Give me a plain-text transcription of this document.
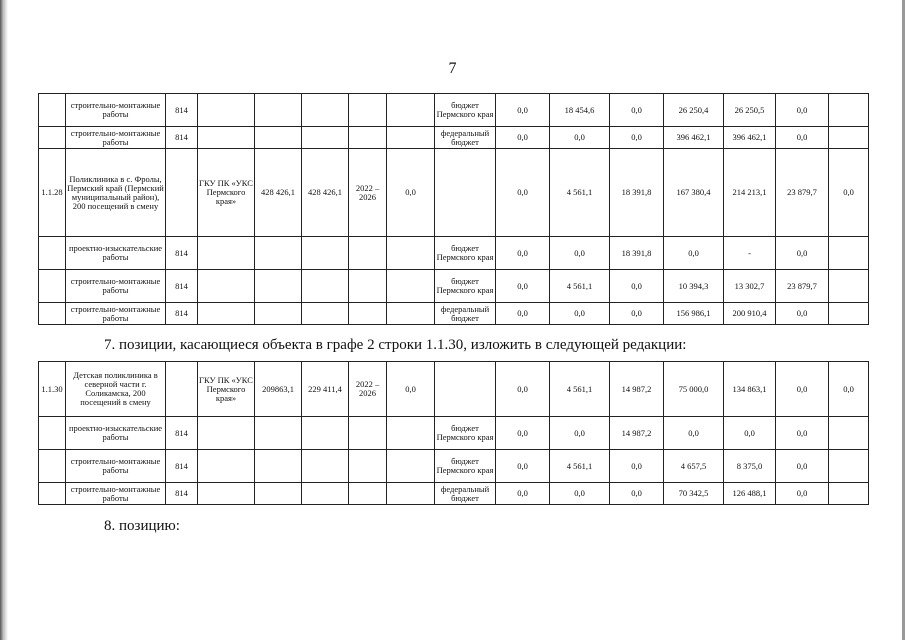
7
	строительно-монтажные работы	814						бюджет Пермского края	0,0	18 454,6	0,0	26 250,4	26 250,5	0,0	
	строительно-монтажные работы	814						федеральный бюджет	0,0	0,0	0,0	396 462,1	396 462,1	0,0	
1.1.28	Поликлиника в с. Фролы, Пермский край (Пермский муниципальный район), 200 посещений в смену		ГКУ ПК «УКС Пермского края»	428 426,1	428 426,1	2022 – 2026	0,0		0,0	4 561,1	18 391,8	167 380,4	214 213,1	23 879,7	0,0
	проектно-изыскательские работы	814						бюджет Пермского края	0,0	0,0	18 391,8	0,0	-	0,0	
	строительно-монтажные работы	814						бюджет Пермского края	0,0	4 561,1	0,0	10 394,3	13 302,7	23 879,7	
	строительно-монтажные работы	814						федеральный бюджет	0,0	0,0	0,0	156 986,1	200 910,4	0,0	
7. позиции, касающиеся объекта в графе 2 строки 1.1.30, изложить в следующей редакции:
1.1.30	Детская поликлиника в северной части г. Соликамска, 200 посещений в смену		ГКУ ПК «УКС Пермского края»	209863,1	229 411,4	2022 – 2026	0,0		0,0	4 561,1	14 987,2	75 000,0	134 863,1	0,0	0,0
	проектно-изыскательские работы	814						бюджет Пермского края	0,0	0,0	14 987,2	0,0	0,0	0,0	
	строительно-монтажные работы	814						бюджет Пермского края	0,0	4 561,1	0,0	4 657,5	8 375,0	0,0	
	строительно-монтажные работы	814						федеральный бюджет	0,0	0,0	0,0	70 342,5	126 488,1	0,0	
8. позицию:
